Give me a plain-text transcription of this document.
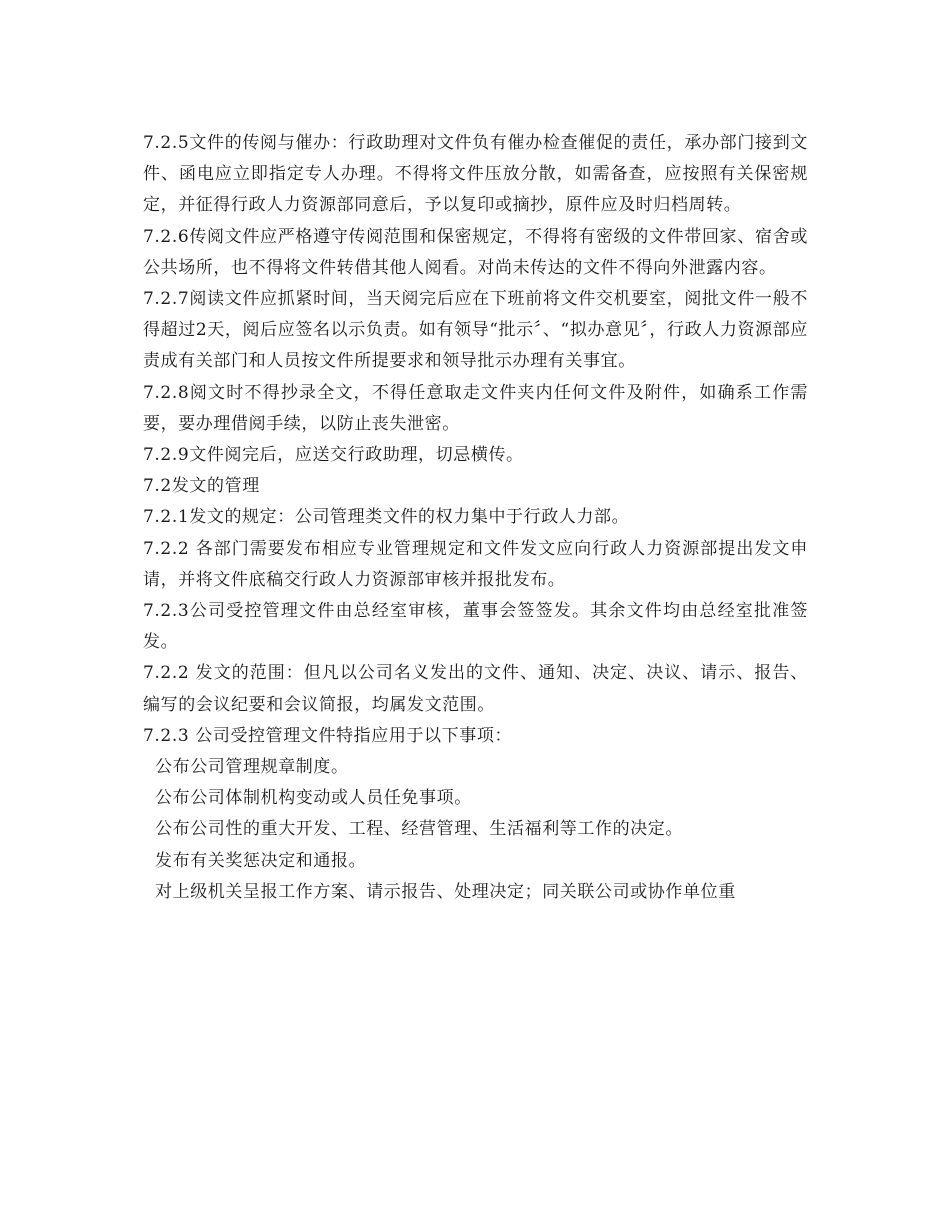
7.2.5文件的传阅与催办：行政助理对文件负有催办检查催促的责任，承办部门接到文件、函电应立即指定专人办理。不得将文件压放分散，如需备查，应按照有关保密规定，并征得行政人力资源部同意后，予以复印或摘抄，原件应及时归档周转。

7.2.6传阅文件应严格遵守传阅范围和保密规定，不得将有密级的文件带回家、宿舍或公共场所，也不得将文件转借其他人阅看。对尚未传达的文件不得向外泄露内容。

7.2.7阅读文件应抓紧时间，当天阅完后应在下班前将文件交机要室，阅批文件一般不得超过2天，阅后应签名以示负责。如有领导“批示〞、“拟办意见〞，行政人力资源部应责成有关部门和人员按文件所提要求和领导批示办理有关事宜。

7.2.8阅文时不得抄录全文，不得任意取走文件夹内任何文件及附件，如确系工作需要，要办理借阅手续，以防止丧失泄密。

7.2.9文件阅完后，应送交行政助理，切忌横传。

7.2发文的管理

7.2.1发文的规定：公司管理类文件的权力集中于行政人力部。

7.2.2 各部门需要发布相应专业管理规定和文件发文应向行政人力资源部提出发文申请，并将文件底稿交行政人力资源部审核并报批发布。

7.2.3公司受控管理文件由总经室审核，董事会签签发。其余文件均由总经室批准签发。

7.2.2 发文的范围：但凡以公司名义发出的文件、通知、决定、决议、请示、报告、编写的会议纪要和会议简报，均属发文范围。

7.2.3 公司受控管理文件特指应用于以下事项：

公布公司管理规章制度。

公布公司体制机构变动或人员任免事项。

公布公司性的重大开发、工程、经营管理、生活福利等工作的决定。

发布有关奖惩决定和通报。

对上级机关呈报工作方案、请示报告、处理决定；同关联公司或协作单位重
